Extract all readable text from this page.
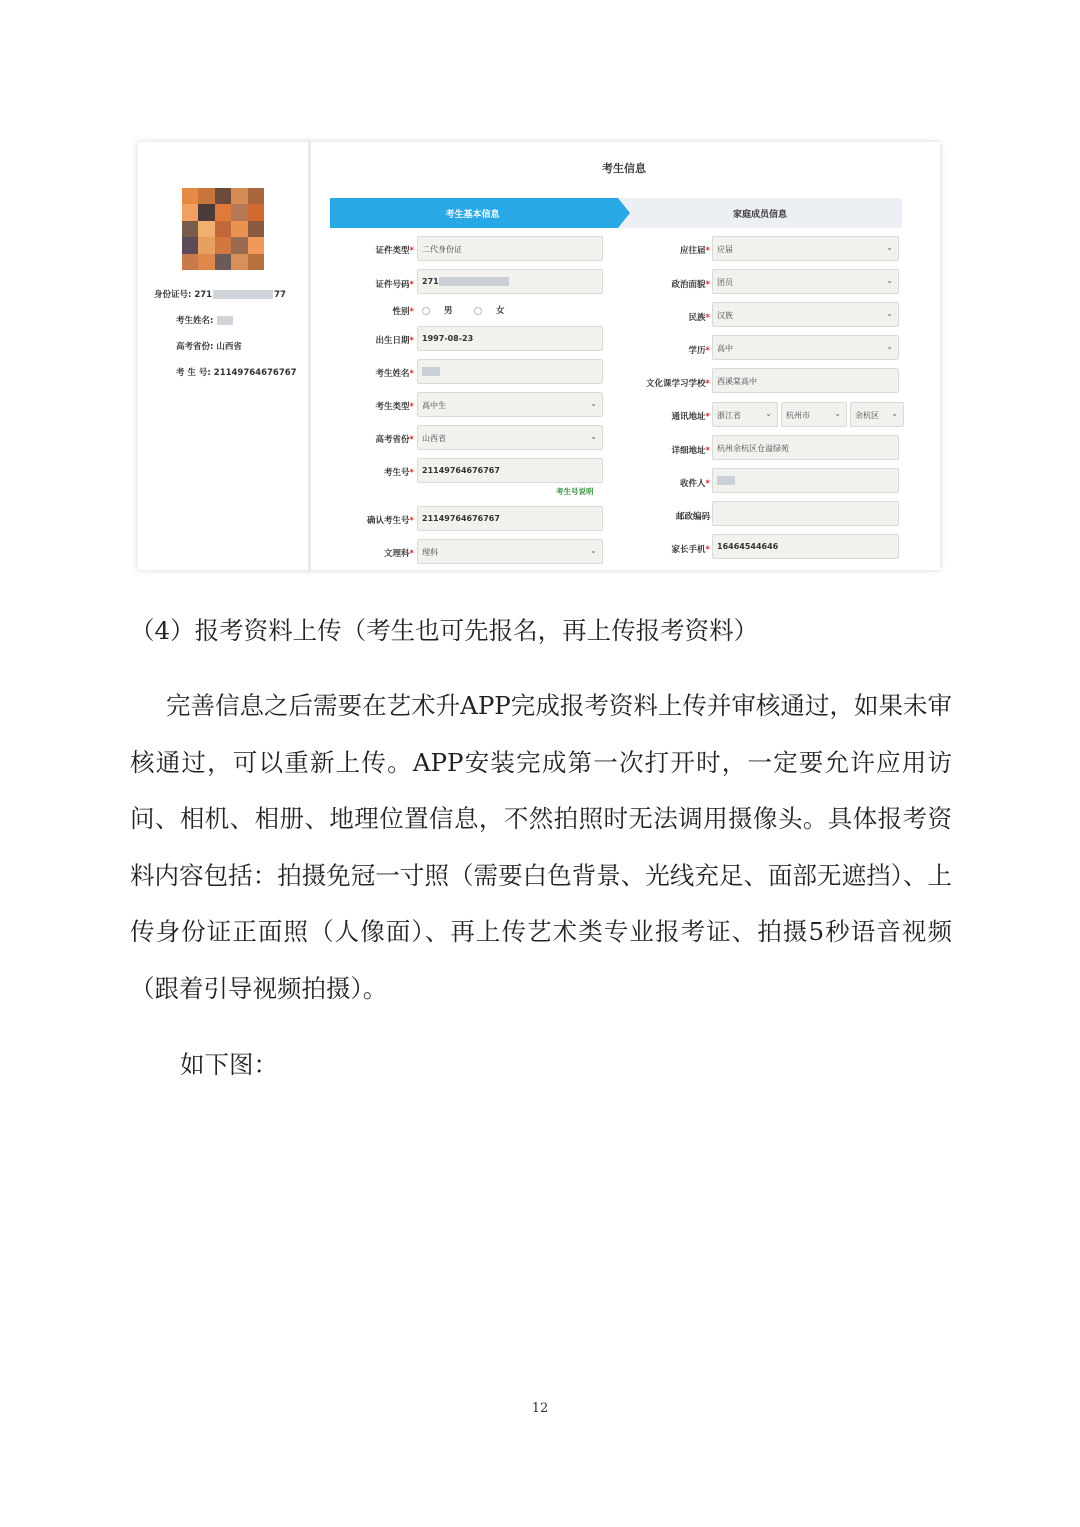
身份证号: 271	77
考生姓名:
高考省份: 山西省
考 生 号: 21149764676767
考生信息
考生基本信息	家庭成员信息
证件类型*	二代身份证
证件号码*	271
性别*	男	女
出生日期*	1997-08-23
考生姓名*
考生类型*	高中生	⌄
高考省份*	山西省	⌄
考生号*	21149764676767
考生号说明
确认考生号*	21149764676767
文理科*	理科	⌄
应往届* 应届	⌄
政治面貌* 团员	⌄
民族* 汉族	⌄
学历* 高中	⌄
文化课学习学校* 西溪棠高中
通讯地址* 浙江省	⌄	杭州市	⌄	余杭区 ⌄
详细地址* 杭州余杭区仓溢绿苑
收件人*
邮政编码
家长手机* 16464544646

（4）报考资料上传（考生也可先报名，再上传报考资料）

完善信息之后需要在艺术升APP完成报考资料上传并审核通过，如果未审核通过，可以重新上传。APP安装完成第一次打开时，一定要允许应用访问、相机、相册、地理位置信息，不然拍照时无法调用摄像头。具体报考资料内容包括：拍摄免冠一寸照（需要白色背景、光线充足、面部无遮挡）、上传身份证正面照（人像面）、再上传艺术类专业报考证、拍摄5秒语音视频（跟着引导视频拍摄）。

如下图：

12
